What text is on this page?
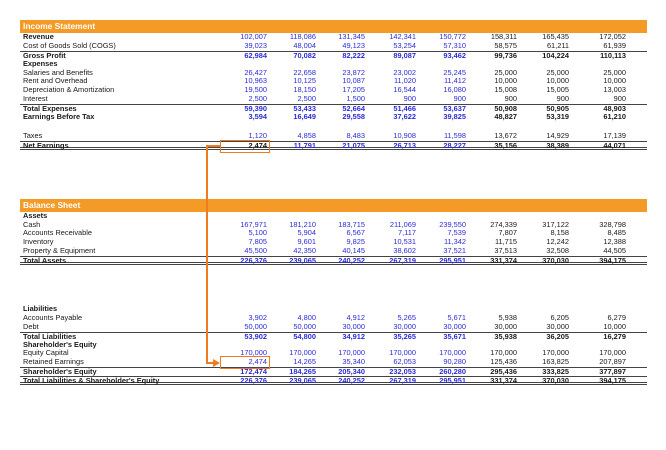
Income Statement
Revenue	102,007	118,086	131,345	142,341	150,772	158,311	165,435	172,052
Cost of Goods Sold (COGS)	39,023	48,004	49,123	53,254	57,310	58,575	61,211	61,939
Gross Profit	62,984	70,082	82,222	89,087	93,462	99,736	104,224	110,113
Expenses
Salaries and Benefits	26,427	22,658	23,872	23,002	25,245	25,000	25,000	25,000
Rent and Overhead	10,963	10,125	10,087	11,020	11,412	10,000	10,000	10,000
Depreciation & Amortization	19,500	18,150	17,205	16,544	16,080	15,008	15,005	13,003
Interest	2,500	2,500	1,500	900	900	900	900	900
Total Expenses	59,390	53,433	52,664	51,466	53,637	50,908	50,905	48,903
Earnings Before Tax	3,594	16,649	29,558	37,622	39,825	48,827	53,319	61,210
Taxes	1,120	4,858	8,483	10,908	11,598	13,672	14,929	17,139
Net Earnings	2,474	11,791	21,075	26,713	28,227	35,156	38,389	44,071
Balance Sheet
Assets
Cash	167,971	181,210	183,715	211,069	239,550	274,339	317,122	328,798
Accounts Receivable	5,100	5,904	6,567	7,117	7,539	7,807	8,158	8,485
Inventory	7,805	9,601	9,825	10,531	11,342	11,715	12,242	12,388
Property & Equipment	45,500	42,350	40,145	38,602	37,521	37,513	32,508	44,505
Total Assets	226,376	239,065	240,252	267,319	295,951	331,374	370,030	394,175
Liabilities
Accounts Payable	3,902	4,800	4,912	5,265	5,671	5,938	6,205	6,279
Debt	50,000	50,000	30,000	30,000	30,000	30,000	30,000	10,000
Total Liabilities	53,902	54,800	34,912	35,265	35,671	35,938	36,205	16,279
Shareholder's Equity
Equity Capital	170,000	170,000	170,000	170,000	170,000	170,000	170,000	170,000
Retained Earnings	2,474	14,265	35,340	62,053	90,280	125,436	163,825	207,897
Shareholder's Equity	172,474	184,265	205,340	232,053	260,280	295,436	333,825	377,897
Total Liabilities & Shareholder's Equity	226,376	239,065	240,252	267,319	295,951	331,374	370,030	394,175
